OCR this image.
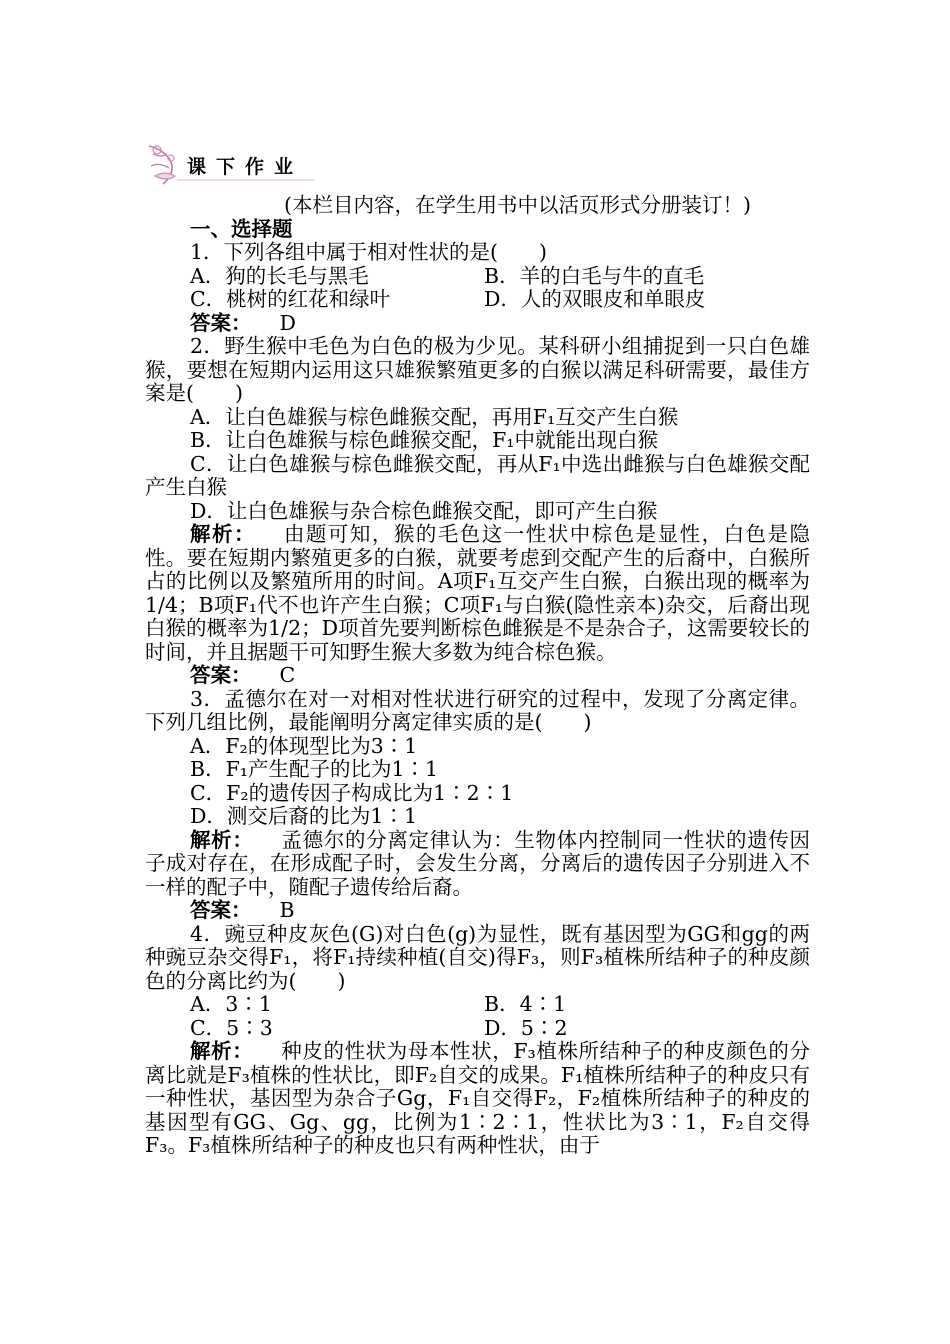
课下作业

(本栏目内容，在学生用书中以活页形式分册装订！)

一、选择题

1．下列各组中属于相对性状的是(　　)

A．狗的长毛与黑毛	B．羊的白毛与牛的直毛
C．桃树的红花和绿叶	D．人的双眼皮和单眼皮

答案： D

2．野生猴中毛色为白色的极为少见。某科研小组捕捉到一只白色雄猴，要想在短期内运用这只雄猴繁殖更多的白猴以满足科研需要，最佳方案是(　　)

A．让白色雄猴与棕色雌猴交配，再用F₁互交产生白猴

B．让白色雄猴与棕色雌猴交配，F₁中就能出现白猴

C．让白色雄猴与棕色雌猴交配，再从F₁中选出雌猴与白色雄猴交配产生白猴

D．让白色雄猴与杂合棕色雌猴交配，即可产生白猴

解析： 由题可知，猴的毛色这一性状中棕色是显性，白色是隐性。要在短期内繁殖更多的白猴，就要考虑到交配产生的后裔中，白猴所占的比例以及繁殖所用的时间。A项F₁互交产生白猴，白猴出现的概率为1/4；B项F₁代不也许产生白猴；C项F₁与白猴(隐性亲本)杂交，后裔出现白猴的概率为1/2；D项首先要判断棕色雌猴是不是杂合子，这需要较长的时间，并且据题干可知野生猴大多数为纯合棕色猴。

答案： C

3．孟德尔在对一对相对性状进行研究的过程中，发现了分离定律。下列几组比例，最能阐明分离定律实质的是(　　)

A．F₂的体现型比为3∶1

B．F₁产生配子的比为1∶1

C．F₂的遗传因子构成比为1∶2∶1

D．测交后裔的比为1∶1

解析： 孟德尔的分离定律认为：生物体内控制同一性状的遗传因子成对存在，在形成配子时，会发生分离，分离后的遗传因子分别进入不一样的配子中，随配子遗传给后裔。

答案： B

4．豌豆种皮灰色(G)对白色(g)为显性，既有基因型为GG和gg的两种豌豆杂交得F₁，将F₁持续种植(自交)得F₃，则F₃植株所结种子的种皮颜色的分离比约为(　　)

A．3∶1	B．4∶1
C．5∶3	D．5∶2

解析： 种皮的性状为母本性状，F₃植株所结种子的种皮颜色的分离比就是F₃植株的性状比，即F₂自交的成果。F₁植株所结种子的种皮只有一种性状，基因型为杂合子Gg，F₁自交得F₂，F₂植株所结种子的种皮的基因型有GG、Gg、gg，比例为1∶2∶1，性状比为3∶1，F₂自交得F₃。F₃植株所结种子的种皮也只有两种性状，由于
